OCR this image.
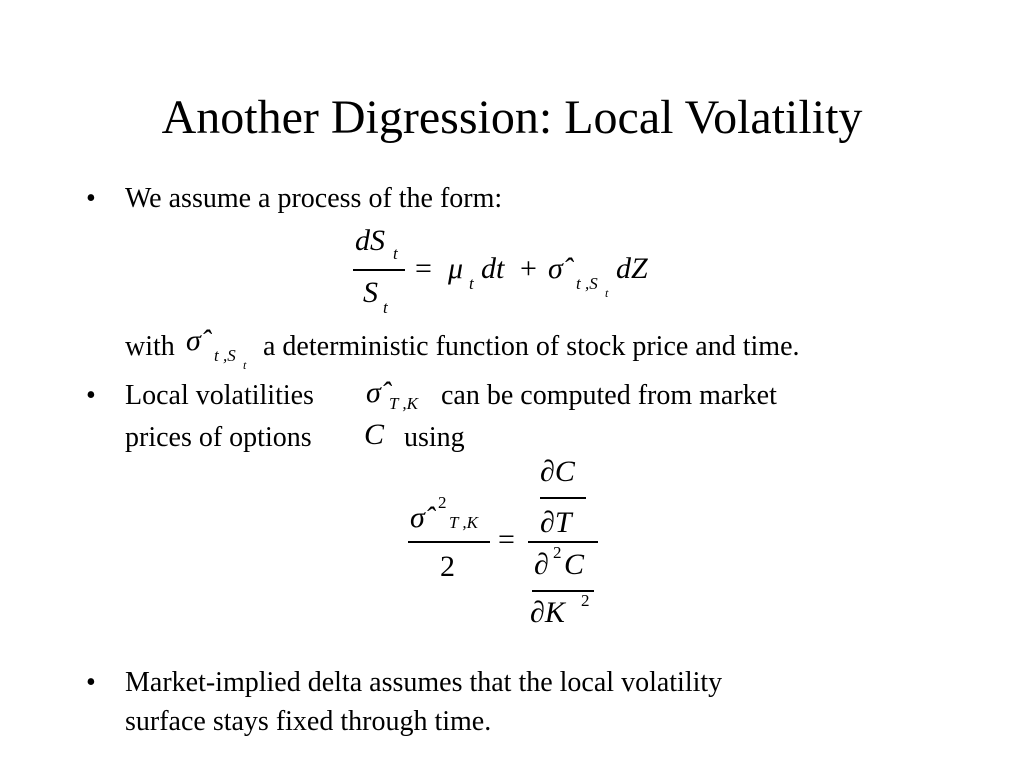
Another Digression: Local Volatility
• We assume a process of the form:
dS t
S t
= μ t dt + σ̂ t ,S t
dZ
with σ̂ t ,S t
a deterministic function of stock price and time.
• Local volatilities σ̂ T ,K can be computed from market
prices of options C using
σ̂ 2
T ,K
2
=
∂C
∂T
∂ 2 C
∂K 2
• Market-implied delta assumes that the local volatility
surface stays fixed through time.
